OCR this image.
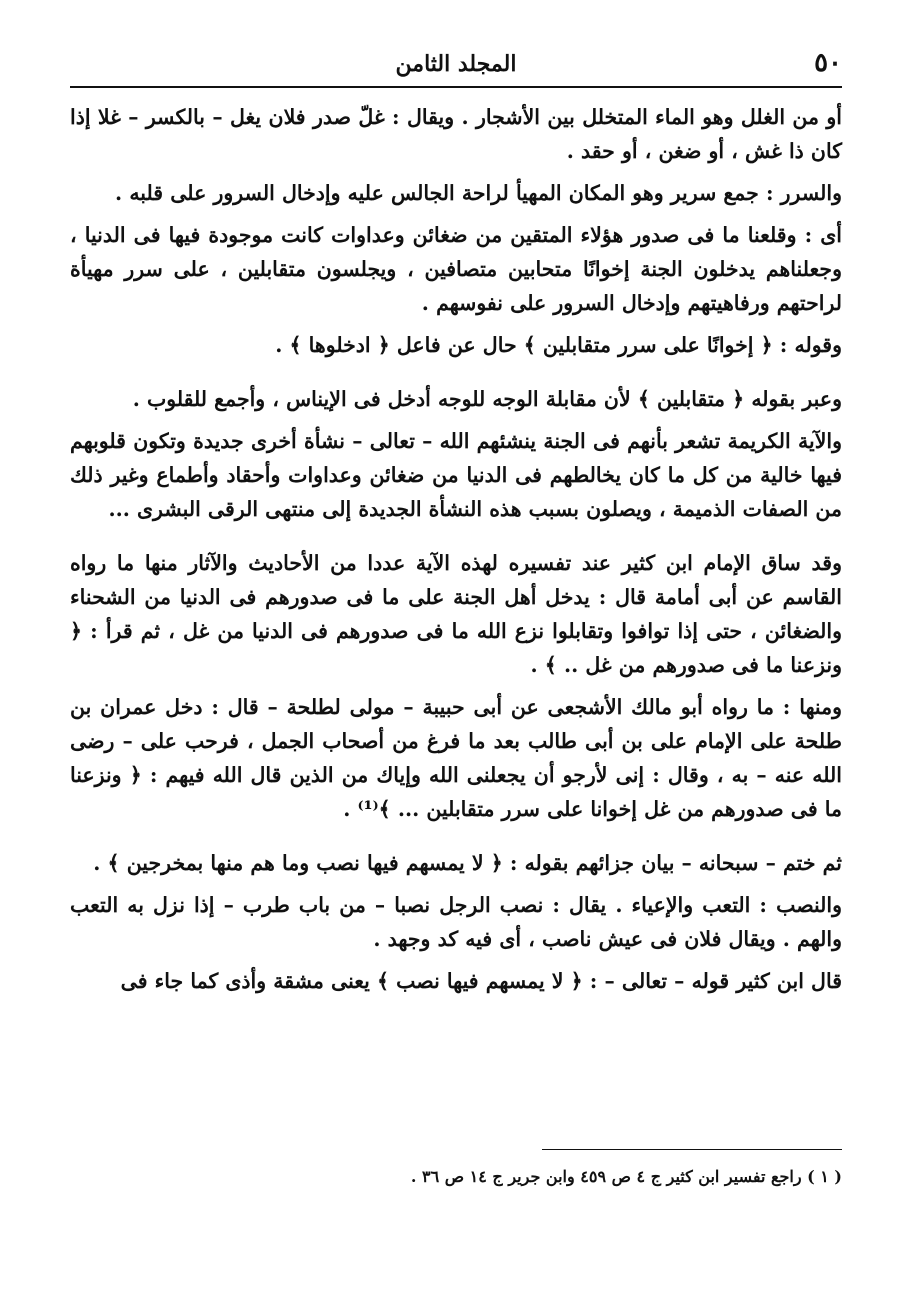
٥٠
المجلد الثامن

أو من الغلل وهو الماء المتخلل بين الأشجار . ويقال : غلّ صدر فلان يغل – بالكسر – غلا إذا كان ذا غش ، أو ضغن ، أو حقد .

والسرر : جمع سرير وهو المكان المهيأ لراحة الجالس عليه وإدخال السرور على قلبه .

أى : وقلعنا ما فى صدور هؤلاء المتقين من ضغائن وعداوات كانت موجودة فيها فى الدنيا ، وجعلناهم يدخلون الجنة إخوانًا متحابين متصافين ، ويجلسون متقابلين ، على سرر مهيأة لراحتهم ورفاهيتهم وإدخال السرور على نفوسهم .

وقوله : ﴿ إخوانًا على سرر متقابلين ﴾ حال عن فاعل ﴿ ادخلوها ﴾ .

وعبر بقوله ﴿ متقابلين ﴾ لأن مقابلة الوجه للوجه أدخل فى الإيناس ، وأجمع للقلوب .

والآية الكريمة تشعر بأنهم فى الجنة ينشئهم الله – تعالى – نشأة أخرى جديدة وتكون قلوبهم فيها خالية من كل ما كان يخالطهم فى الدنيا من ضغائن وعداوات وأحقاد وأطماع وغير ذلك من الصفات الذميمة ، ويصلون بسبب هذه النشأة الجديدة إلى منتهى الرقى البشرى ...

وقد ساق الإمام ابن كثير عند تفسيره لهذه الآية عددا من الأحاديث والآثار منها ما رواه القاسم عن أبى أمامة قال : يدخل أهل الجنة على ما فى صدورهم فى الدنيا من الشحناء والضغائن ، حتى إذا توافوا وتقابلوا نزع الله ما فى صدورهم فى الدنيا من غل ، ثم قرأ : ﴿ ونزعنا ما فى صدورهم من غل .. ﴾ .

ومنها : ما رواه أبو مالك الأشجعى عن أبى حبيبة – مولى لطلحة – قال : دخل عمران بن طلحة على الإمام على بن أبى طالب بعد ما فرغ من أصحاب الجمل ، فرحب على – رضى الله عنه – به ، وقال : إنى لأرجو أن يجعلنى الله وإياك من الذين قال الله فيهم : ﴿ ونزعنا ما فى صدورهم من غل إخوانا على سرر متقابلين ... ﴾⁽¹⁾ .

ثم ختم – سبحانه – بيان جزائهم بقوله : ﴿ لا يمسهم فيها نصب وما هم منها بمخرجين ﴾ .

والنصب : التعب والإعياء . يقال : نصب الرجل نصبا – من باب طرب – إذا نزل به التعب والهم . ويقال فلان فى عيش ناصب ، أى فيه كد وجهد .

قال ابن كثير قوله – تعالى – : ﴿ لا يمسهم فيها نصب ﴾ يعنى مشقة وأذى كما جاء فى

( ١ ) راجع تفسير ابن كثير ج ٤ ص ٤٥٩ وابن جرير ج ١٤ ص ٣٦ .
